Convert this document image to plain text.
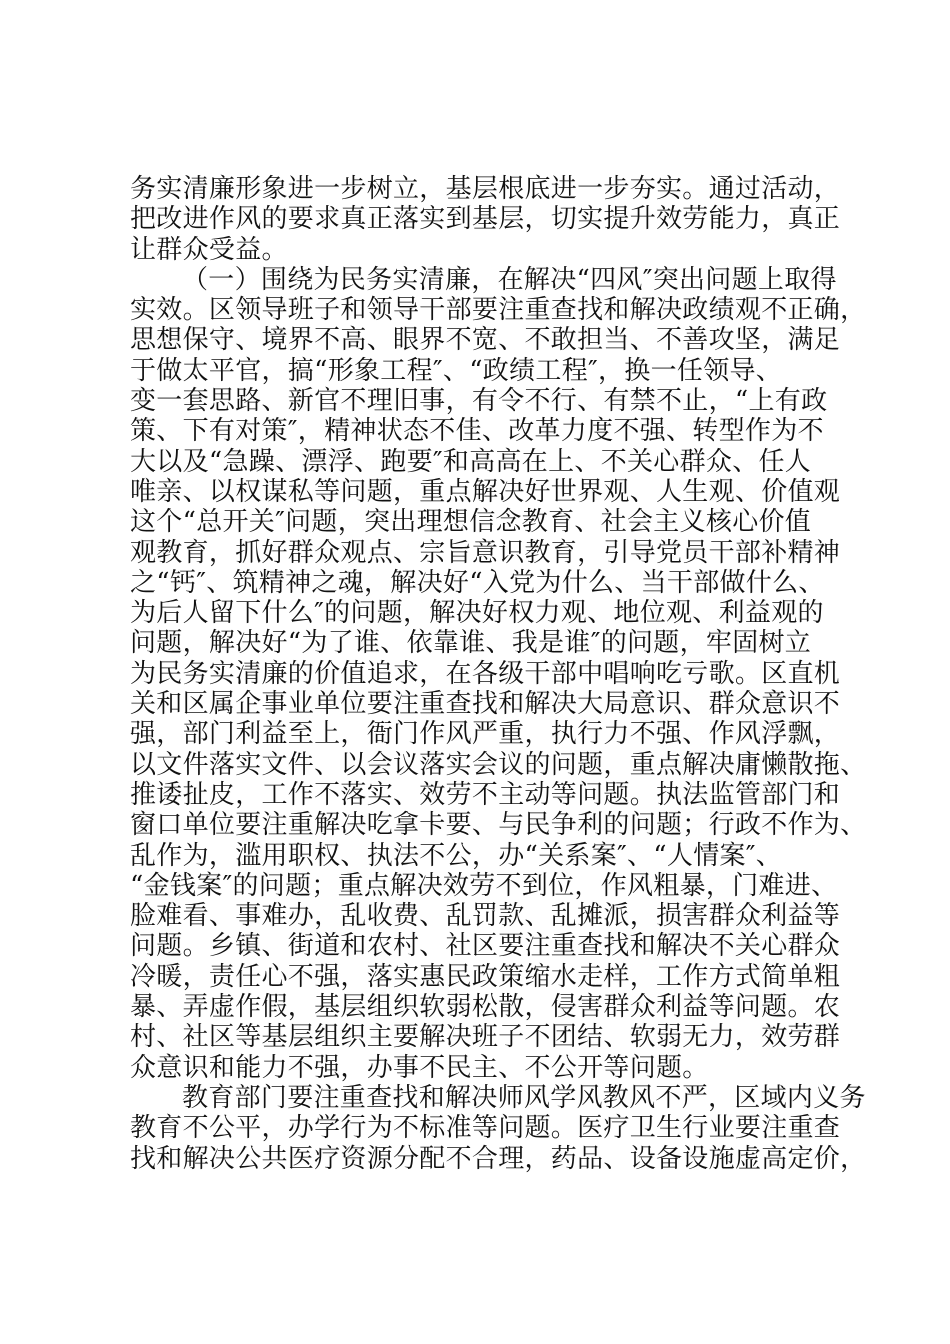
务实清廉形象进一步树立，基层根底进一步夯实。通过活动，
把改进作风的要求真正落实到基层，切实提升效劳能力，真正
让群众受益。
（一）围绕为民务实清廉，在解决“四风″突出问题上取得
实效。区领导班子和领导干部要注重查找和解决政绩观不正确，
思想保守、境界不高、眼界不宽、不敢担当、不善攻坚，满足
于做太平官，搞“形象工程″、“政绩工程″，换一任领导、
变一套思路、新官不理旧事，有令不行、有禁不止，“上有政
策、下有对策″，精神状态不佳、改革力度不强、转型作为不
大以及“急躁、漂浮、跑要″和高高在上、不关心群众、任人
唯亲、以权谋私等问题，重点解决好世界观、人生观、价值观
这个“总开关″问题，突出理想信念教育、社会主义核心价值
观教育，抓好群众观点、宗旨意识教育，引导党员干部补精神
之“钙″、筑精神之魂，解决好“入党为什么、当干部做什么、
为后人留下什么″的问题，解决好权力观、地位观、利益观的
问题，解决好“为了谁、依靠谁、我是谁″的问题，牢固树立
为民务实清廉的价值追求，在各级干部中唱响吃亏歌。区直机
关和区属企事业单位要注重查找和解决大局意识、群众意识不
强，部门利益至上，衙门作风严重，执行力不强、作风浮飘，
以文件落实文件、以会议落实会议的问题，重点解决庸懒散拖、
推诿扯皮，工作不落实、效劳不主动等问题。执法监管部门和
窗口单位要注重解决吃拿卡要、与民争利的问题；行政不作为、
乱作为，滥用职权、执法不公，办“关系案″、“人情案″、
“金钱案″的问题；重点解决效劳不到位，作风粗暴，门难进、
脸难看、事难办，乱收费、乱罚款、乱摊派，损害群众利益等
问题。乡镇、街道和农村、社区要注重查找和解决不关心群众
冷暖，责任心不强，落实惠民政策缩水走样，工作方式简单粗
暴、弄虚作假，基层组织软弱松散，侵害群众利益等问题。农
村、社区等基层组织主要解决班子不团结、软弱无力，效劳群
众意识和能力不强，办事不民主、不公开等问题。
教育部门要注重查找和解决师风学风教风不严，区域内义务
教育不公平，办学行为不标准等问题。医疗卫生行业要注重查
找和解决公共医疗资源分配不合理，药品、设备设施虚高定价，
